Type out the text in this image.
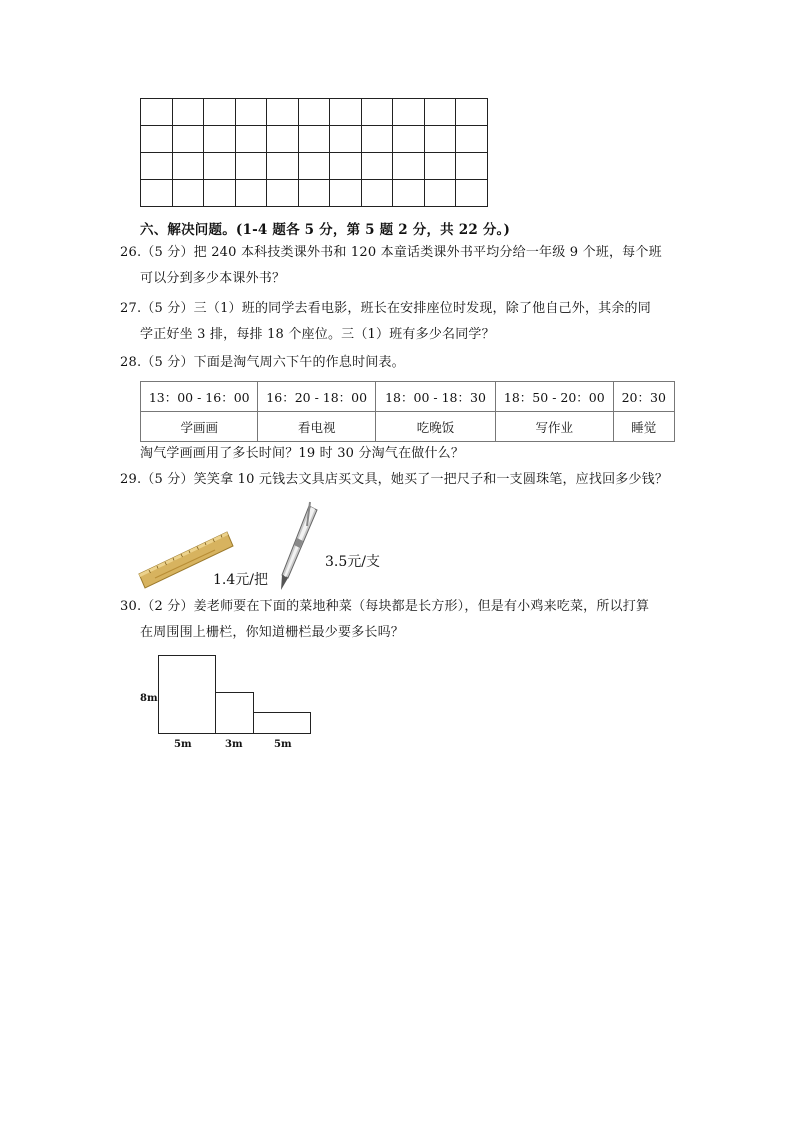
六、解决问题。(1-4 题各 5 分，第 5 题 2 分，共 22 分。)
26.（5 分）把 240 本科技类课外书和 120 本童话类课外书平均分给一年级 9 个班，每个班
可以分到多少本课外书？
27.（5 分）三（1）班的同学去看电影，班长在安排座位时发现，除了他自己外，其余的同
学正好坐 3 排，每排 18 个座位。三（1）班有多少名同学？
28.（5 分）下面是淘气周六下午的作息时间表。
13：00 - 16：00	16：20 - 18：00	18：00 - 18：30	18：50 - 20：00	20：30
学画画	看电视	吃晚饭	写作业	睡觉
淘气学画画用了多长时间？19 时 30 分淘气在做什么？
29.（5 分）笑笑拿 10 元钱去文具店买文具，她买了一把尺子和一支圆珠笔，应找回多少钱？
1.4元/把
3.5元/支
30.（2 分）姜老师要在下面的菜地种菜（每块都是长方形），但是有小鸡来吃菜，所以打算
在周围围上栅栏，你知道栅栏最少要多长吗？
8m
5m	3m	5m
